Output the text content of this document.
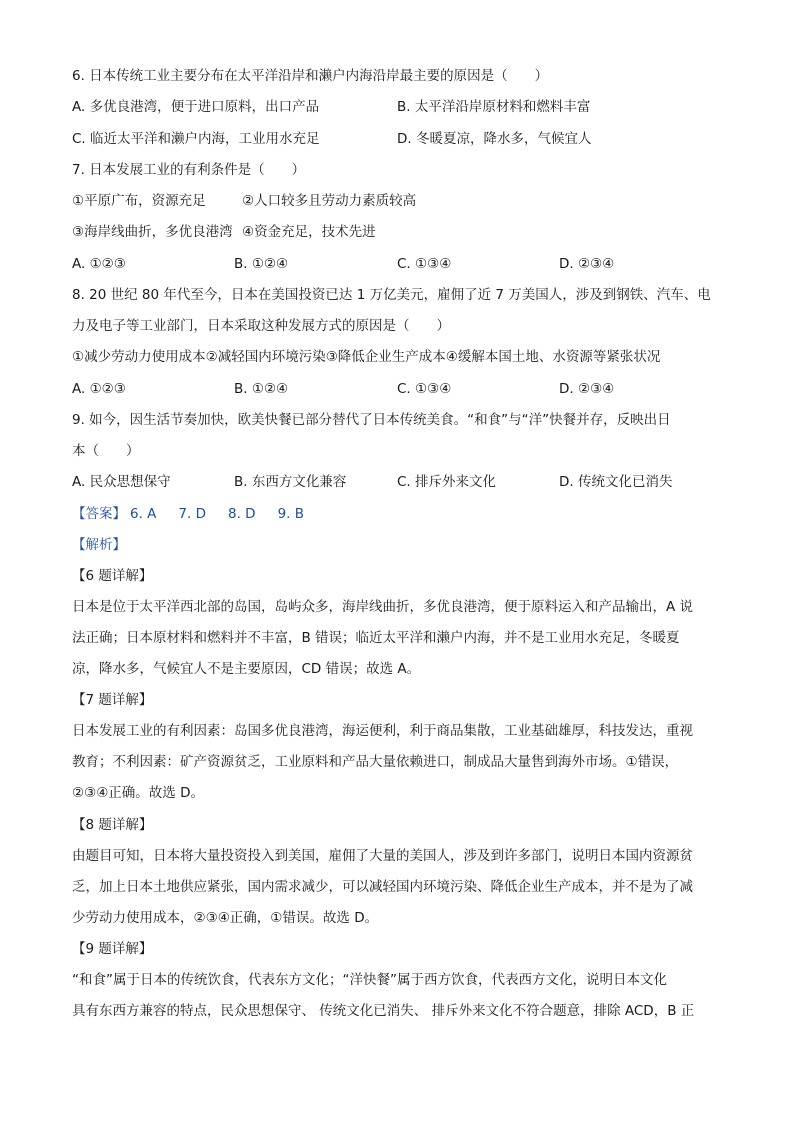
6. 日本传统工业主要分布在太平洋沿岸和濑户内海沿岸最主要的原因是（　　）
A. 多优良港湾，便于进口原料，出口产品	B. 太平洋沿岸原材料和燃料丰富
C. 临近太平洋和濑户内海，工业用水充足	D. 冬暖夏凉，降水多，气候宜人
7. 日本发展工业的有利条件是（　　）
①平原广布，资源充足	②人口较多且劳动力素质较高
③海岸线曲折，多优良港湾 ④资金充足，技术先进
A. ①②③	B. ①②④	C. ①③④	D. ②③④
8. 20 世纪 80 年代至今，日本在美国投资已达 1 万亿美元，雇佣了近 7 万美国人，涉及到钢铁、汽车、电
力及电子等工业部门，日本采取这种发展方式的原因是（　　）
①减少劳动力使用成本②减轻国内环境污染③降低企业生产成本④缓解本国土地、水资源等紧张状况
A. ①②③	B. ①②④	C. ①③④	D. ②③④
9. 如今，因生活节奏加快，欧美快餐已部分替代了日本传统美食。“和食”与“洋”快餐并存，反映出日
本（　　）
A. 民众思想保守	B. 东西方文化兼容	C. 排斥外来文化	D. 传统文化已消失
【答案】 6. A 7. D 8. D 9. B
【解析】
【6 题详解】
日本是位于太平洋西北部的岛国，岛屿众多，海岸线曲折，多优良港湾，便于原料运入和产品输出，A 说
法正确；日本原材料和燃料并不丰富，B 错误；临近太平洋和濑户内海，并不是工业用水充足，冬暖夏
凉，降水多，气候宜人不是主要原因，CD 错误；故选 A。
【7 题详解】
日本发展工业的有利因素：岛国多优良港湾，海运便利，利于商品集散，工业基础雄厚，科技发达，重视
教育；不利因素：矿产资源贫乏，工业原料和产品大量依赖进口，制成品大量售到海外市场。①错误，
②③④正确。故选 D。
【8 题详解】
由题目可知，日本将大量投资投入到美国，雇佣了大量的美国人，涉及到许多部门，说明日本国内资源贫
乏，加上日本土地供应紧张，国内需求减少，可以减轻国内环境污染、降低企业生产成本，并不是为了减
少劳动力使用成本，②③④正确，①错误。故选 D。
【9 题详解】
“和食”属于日本的传统饮食，代表东方文化；“洋快餐”属于西方饮食，代表西方文化，说明日本文化
具有东西方兼容的特点，民众思想保守、 传统文化已消失、 排斥外来文化不符合题意，排除 ACD，B 正
